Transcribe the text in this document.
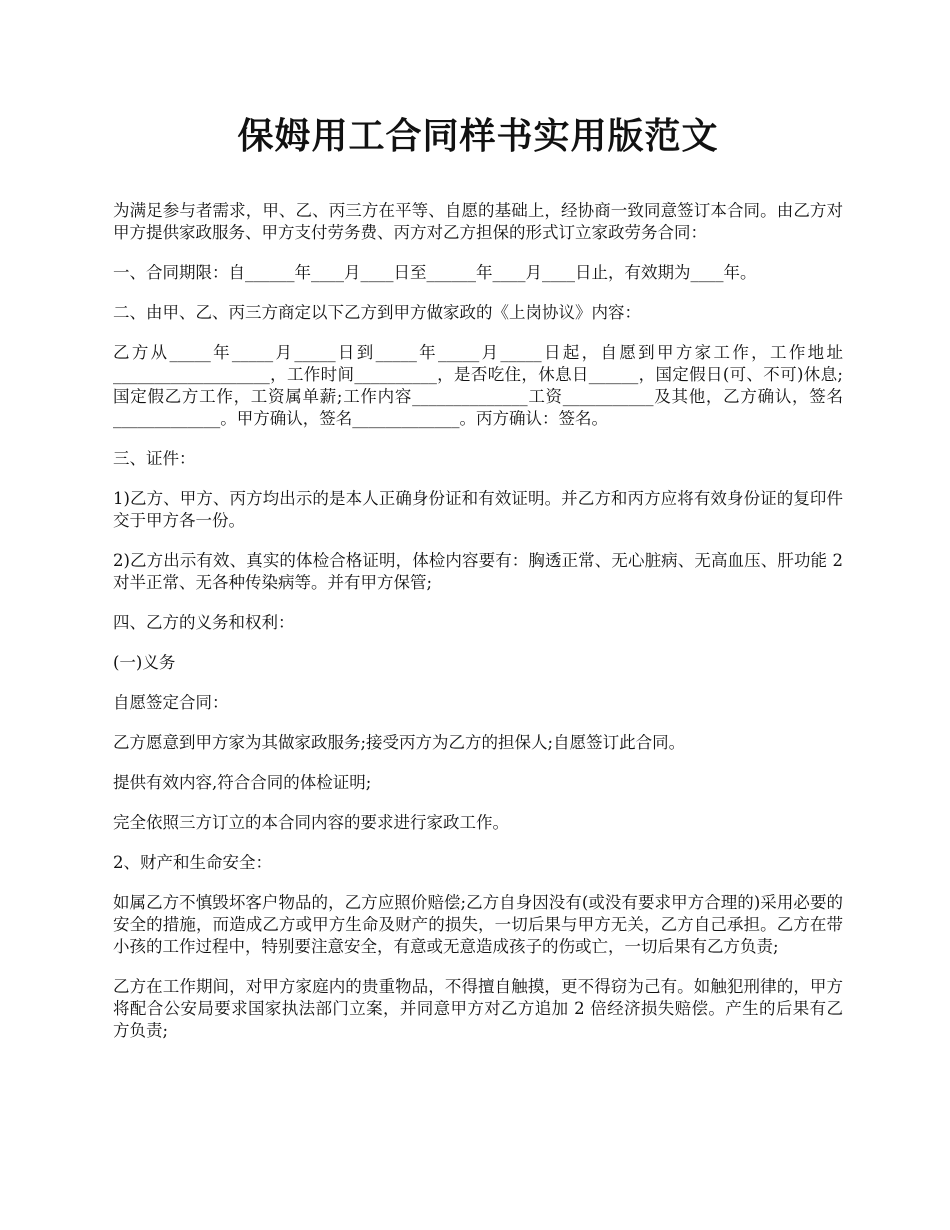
保姆用工合同样书实用版范文

为满足参与者需求，甲、乙、丙三方在平等、自愿的基础上，经协商一致同意签订本合同。由乙方对甲方提供家政服务、甲方支付劳务费、丙方对乙方担保的形式订立家政劳务合同：

一、合同期限：自______年____月____日至______年____月____日止，有效期为____年。

二、由甲、乙、丙三方商定以下乙方到甲方做家政的《上岗协议》内容：

乙方从_____年_____月_____日到_____年_____月_____日起，自愿到甲方家工作，工作地址___________________，工作时间__________，是否吃住，休息日______，国定假日(可、不可)休息;国定假乙方工作，工资属单薪;工作内容______________工资___________及其他，乙方确认，签名_____________。甲方确认，签名_____________。丙方确认：签名。

三、证件：

1)乙方、甲方、丙方均出示的是本人正确身份证和有效证明。并乙方和丙方应将有效身份证的复印件交于甲方各一份。

2)乙方出示有效、真实的体检合格证明，体检内容要有：胸透正常、无心脏病、无高血压、肝功能 2 对半正常、无各种传染病等。并有甲方保管;

四、乙方的义务和权利：

(一)义务

自愿签定合同：

乙方愿意到甲方家为其做家政服务;接受丙方为乙方的担保人;自愿签订此合同。

提供有效内容,符合合同的体检证明;

完全依照三方订立的本合同内容的要求进行家政工作。

2、财产和生命安全：

如属乙方不慎毁坏客户物品的，乙方应照价赔偿;乙方自身因没有(或没有要求甲方合理的)采用必要的安全的措施，而造成乙方或甲方生命及财产的损失，一切后果与甲方无关，乙方自己承担。乙方在带小孩的工作过程中，特别要注意安全，有意或无意造成孩子的伤或亡，一切后果有乙方负责;

乙方在工作期间，对甲方家庭内的贵重物品，不得擅自触摸，更不得窃为己有。如触犯刑律的，甲方将配合公安局要求国家执法部门立案，并同意甲方对乙方追加 2 倍经济损失赔偿。产生的后果有乙方负责;
